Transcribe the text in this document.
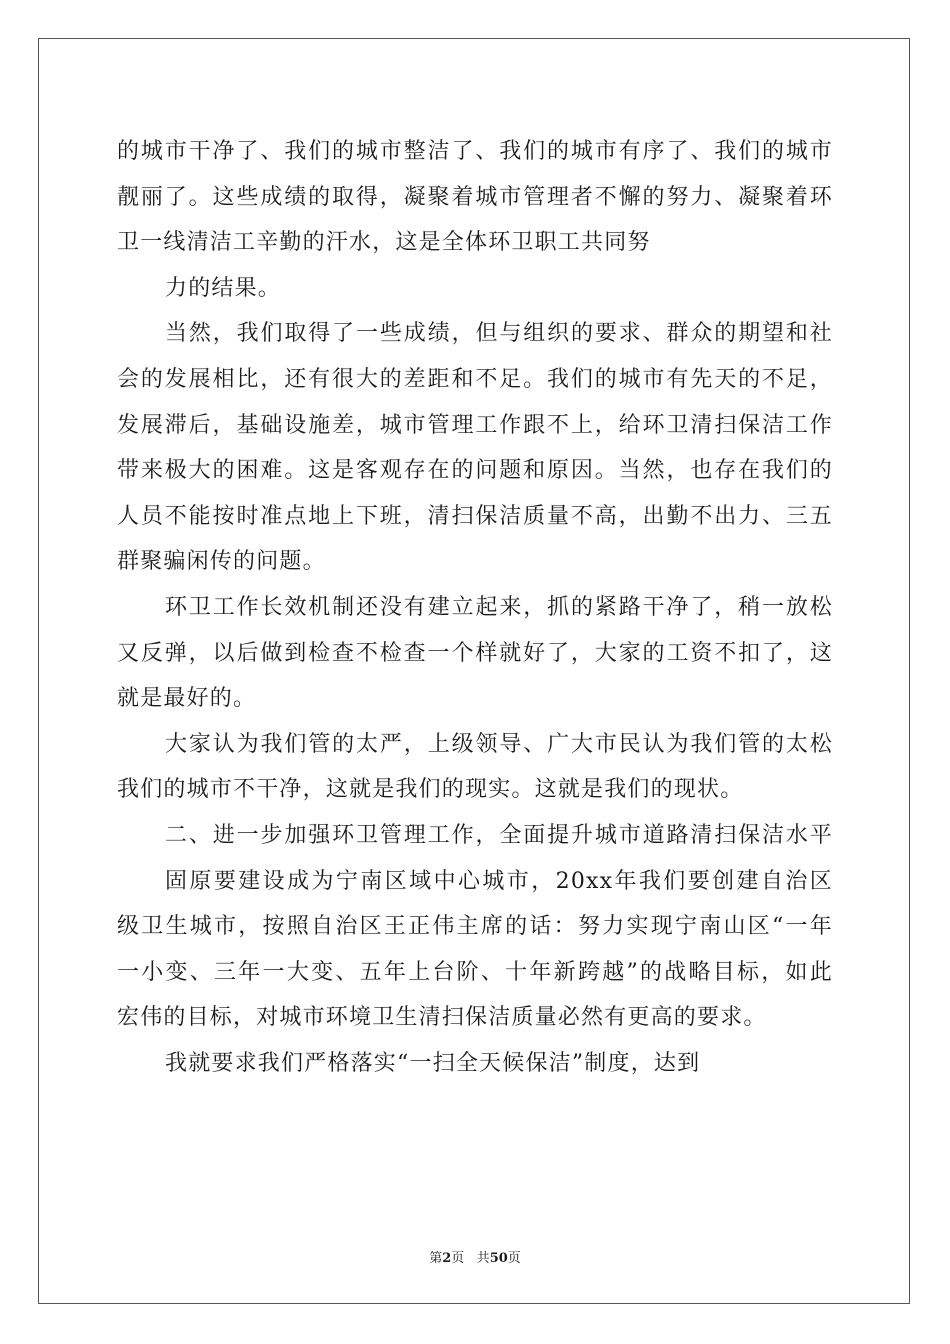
的城市干净了、我们的城市整洁了、我们的城市有序了、我们的城市
靓丽了。这些成绩的取得，凝聚着城市管理者不懈的努力、凝聚着环
卫一线清洁工辛勤的汗水，这是全体环卫职工共同努
力的结果。
当然，我们取得了一些成绩，但与组织的要求、群众的期望和社
会的发展相比，还有很大的差距和不足。我们的城市有先天的不足，
发展滞后，基础设施差，城市管理工作跟不上，给环卫清扫保洁工作
带来极大的困难。这是客观存在的问题和原因。当然，也存在我们的
人员不能按时准点地上下班，清扫保洁质量不高，出勤不出力、三五
群聚骗闲传的问题。
环卫工作长效机制还没有建立起来，抓的紧路干净了，稍一放松
又反弹，以后做到检查不检查一个样就好了，大家的工资不扣了，这
就是最好的。
大家认为我们管的太严，上级领导、广大市民认为我们管的太松
我们的城市不干净，这就是我们的现实。这就是我们的现状。
二、进一步加强环卫管理工作，全面提升城市道路清扫保洁水平
固原要建设成为宁南区域中心城市，20xx年我们要创建自治区
级卫生城市，按照自治区王正伟主席的话：努力实现宁南山区“一年
一小变、三年一大变、五年上台阶、十年新跨越”的战略目标，如此
宏伟的目标，对城市环境卫生清扫保洁质量必然有更高的要求。
我就要求我们严格落实“一扫全天候保洁”制度，达到
第2页 共50页
